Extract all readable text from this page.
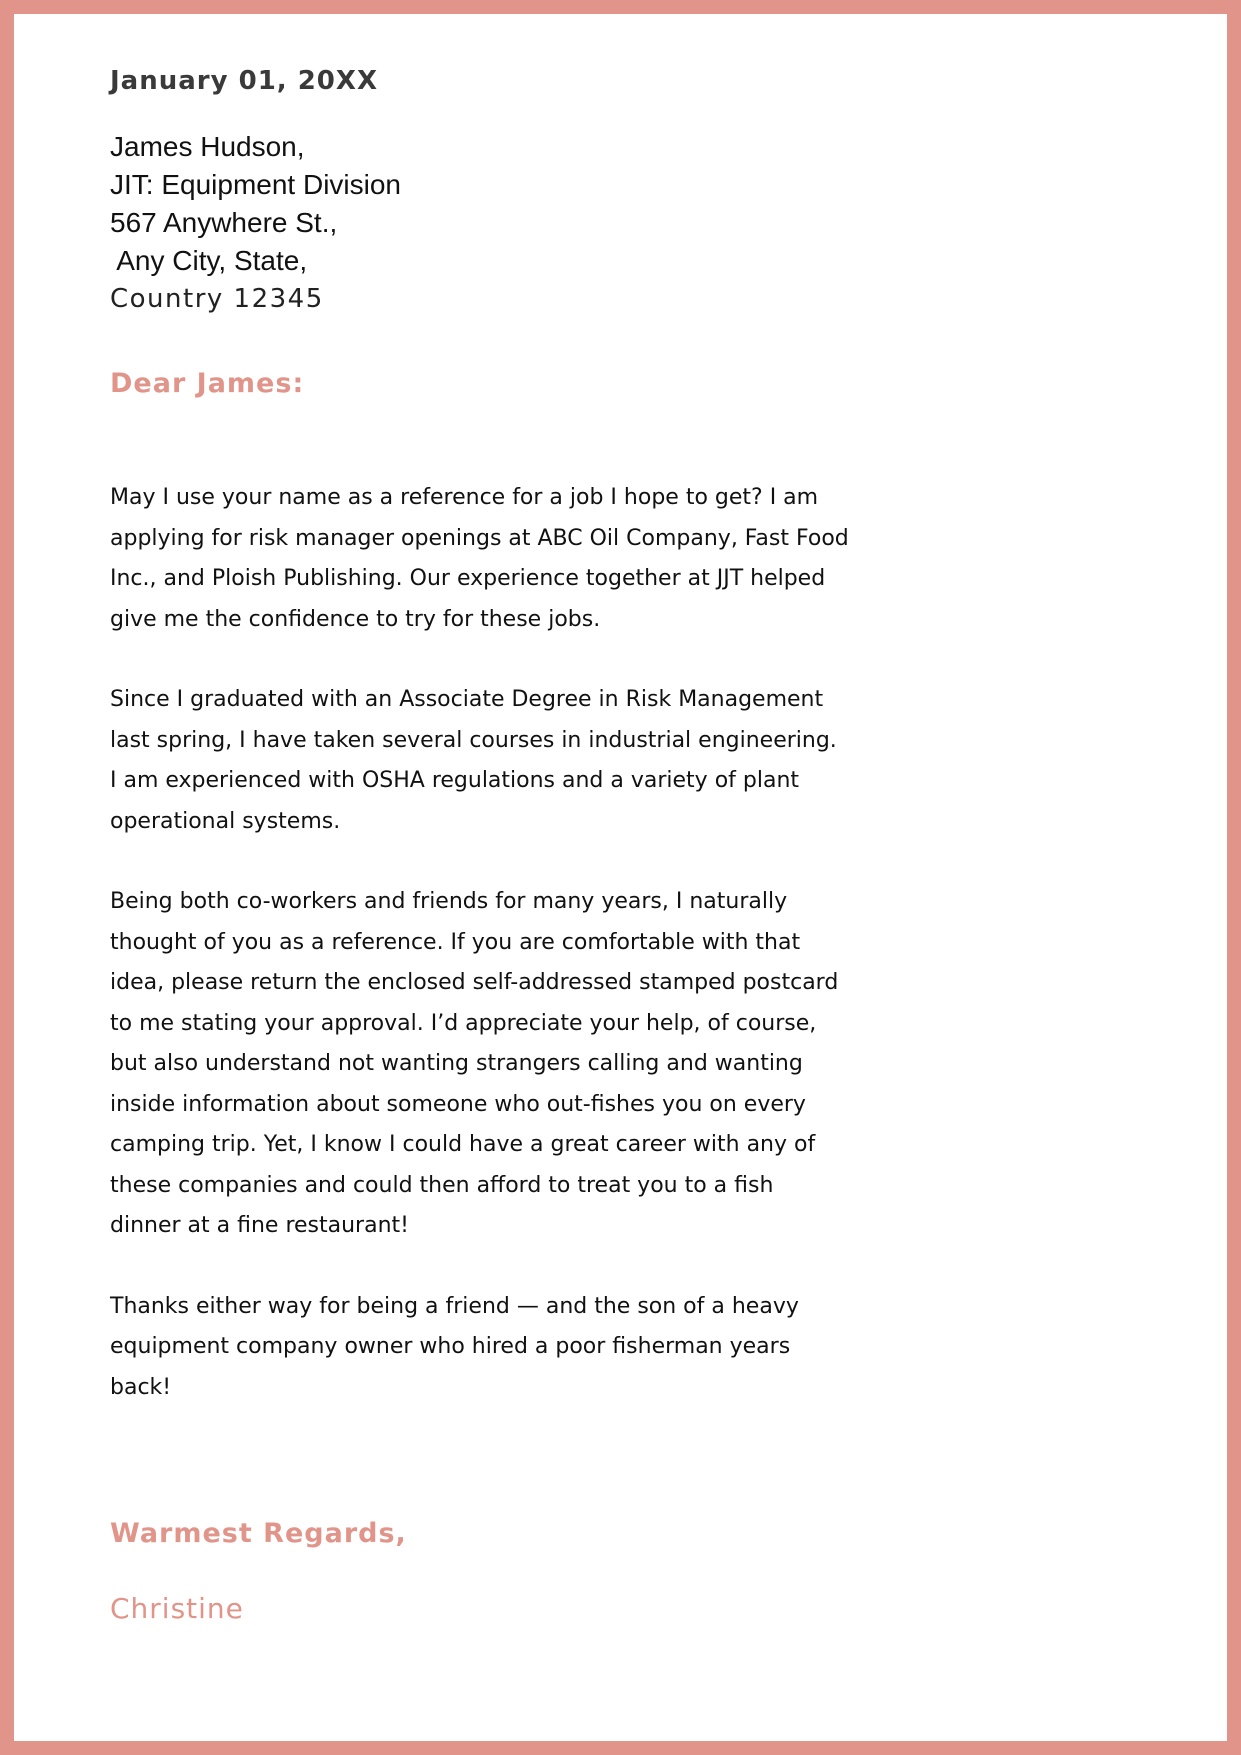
January 01, 20XX
James Hudson,
JIT: Equipment Division
567 Anywhere St.,
Any City, State,
Country 12345
Dear James:

May I use your name as a reference for a job I hope to get? I am applying for risk manager openings at ABC Oil Company, Fast Food Inc., and Ploish Publishing. Our experience together at JJT helped give me the confidence to try for these jobs.

Since I graduated with an Associate Degree in Risk Management last spring, I have taken several courses in industrial engineering. I am experienced with OSHA regulations and a variety of plant operational systems.

Being both co-workers and friends for many years, I naturally thought of you as a reference. If you are comfortable with that idea, please return the enclosed self-addressed stamped postcard to me stating your approval. I’d appreciate your help, of course, but also understand not wanting strangers calling and wanting inside information about someone who out-fishes you on every camping trip. Yet, I know I could have a great career with any of these companies and could then afford to treat you to a fish dinner at a fine restaurant!

Thanks either way for being a friend — and the son of a heavy equipment company owner who hired a poor fisherman years back!

Warmest Regards,
Christine
